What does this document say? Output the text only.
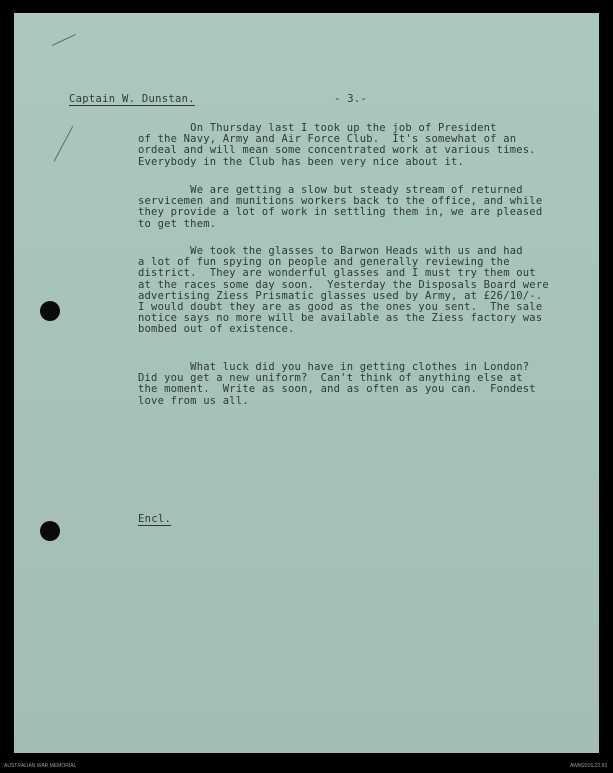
Captain W. Dunstan.	- 3.-

On Thursday last I took up the job of President
of the Navy, Army and Air Force Club.  It's somewhat of an
ordeal and will mean some concentrated work at various times.
Everybody in the Club has been very nice about it.

We are getting a slow but steady stream of returned
servicemen and munitions workers back to the office, and while
they provide a lot of work in settling them in, we are pleased
to get them.

We took the glasses to Barwon Heads with us and had
a lot of fun spying on people and generally reviewing the
district.  They are wonderful glasses and I must try them out
at the races some day soon.  Yesterday the Disposals Board were
advertising Ziess Prismatic glasses used by Army, at £26/10/-.
I would doubt they are as good as the ones you sent.  The sale
notice says no more will be available as the Ziess factory was
bombed out of existence.

What luck did you have in getting clothes in London?
Did you get a new uniform?  Can't think of anything else at
the moment.  Write as soon, and as often as you can.  Fondest
love from us all.

Encl.
AUSTRALIAN WAR MEMORIAL	AWM2016.22.93
